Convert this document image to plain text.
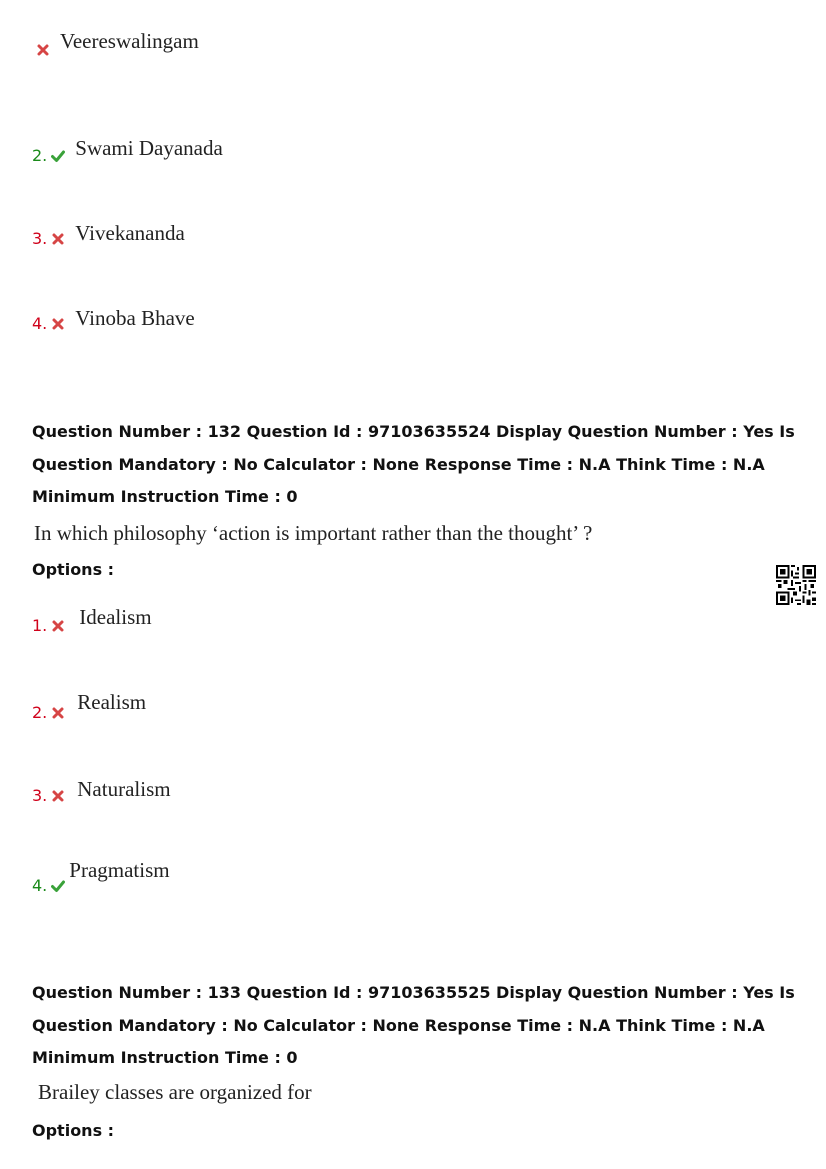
Veereswalingam
2. Swami Dayanada
3. Vivekananda
4. Vinoba Bhave
Question Number : 132 Question Id : 97103635524 Display Question Number : Yes Is Question Mandatory : No Calculator : None Response Time : N.A Think Time : N.A Minimum Instruction Time : 0
In which philosophy ‘action is important rather than the thought’ ?
Options :
1. Idealism
2. Realism
3. Naturalism
4.
Pragmatism
Question Number : 133 Question Id : 97103635525 Display Question Number : Yes Is Question Mandatory : No Calculator : None Response Time : N.A Think Time : N.A Minimum Instruction Time : 0
Brailey classes are organized for
Options :
